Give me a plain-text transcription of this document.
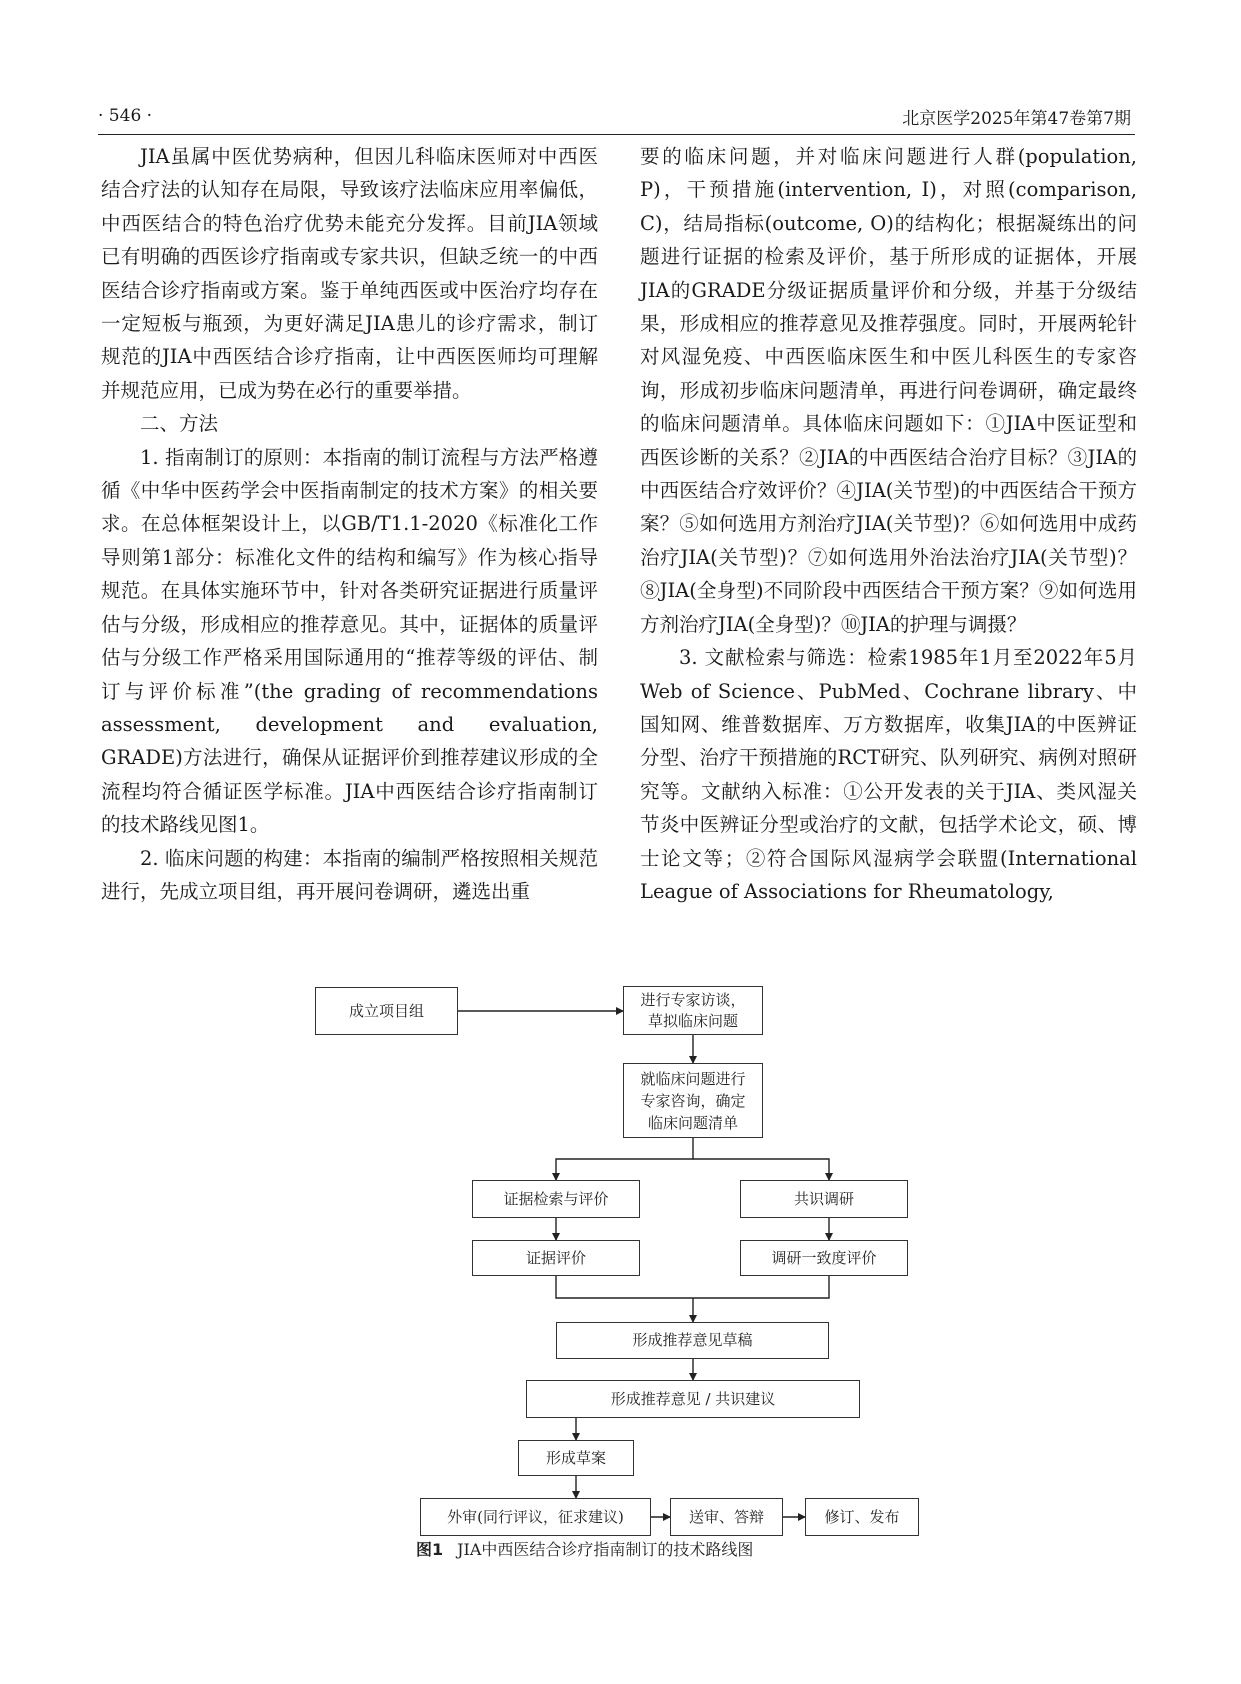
· 546 ·	北京医学2025年第47卷第7期

JIA虽属中医优势病种，但因儿科临床医师对中西医结合疗法的认知存在局限，导致该疗法临床应用率偏低，中西医结合的特色治疗优势未能充分发挥。目前JIA领域已有明确的西医诊疗指南或专家共识，但缺乏统一的中西医结合诊疗指南或方案。鉴于单纯西医或中医治疗均存在一定短板与瓶颈，为更好满足JIA患儿的诊疗需求，制订规范的JIA中西医结合诊疗指南，让中西医医师均可理解并规范应用，已成为势在必行的重要举措。

二、方法

1. 指南制订的原则：本指南的制订流程与方法严格遵循《中华中医药学会中医指南制定的技术方案》的相关要求。在总体框架设计上，以GB/T1.1-2020《标准化工作导则第1部分：标准化文件的结构和编写》作为核心指导规范。在具体实施环节中，针对各类研究证据进行质量评估与分级，形成相应的推荐意见。其中，证据体的质量评估与分级工作严格采用国际通用的“推荐等级的评估、制订与评价标准”(the grading of recommendations assessment, development and evaluation, GRADE)方法进行，确保从证据评价到推荐建议形成的全流程均符合循证医学标准。JIA中西医结合诊疗指南制订的技术路线见图1。

2. 临床问题的构建：本指南的编制严格按照相关规范进行，先成立项目组，再开展问卷调研，遴选出重

要的临床问题，并对临床问题进行人群(population, P)，干预措施(intervention, I)，对照(comparison, C)，结局指标(outcome, O)的结构化；根据凝练出的问题进行证据的检索及评价，基于所形成的证据体，开展JIA的GRADE分级证据质量评价和分级，并基于分级结果，形成相应的推荐意见及推荐强度。同时，开展两轮针对风湿免疫、中西医临床医生和中医儿科医生的专家咨询，形成初步临床问题清单，再进行问卷调研，确定最终的临床问题清单。具体临床问题如下：①JIA中医证型和西医诊断的关系？②JIA的中西医结合治疗目标？③JIA的中西医结合疗效评价？④JIA(关节型)的中西医结合干预方案？⑤如何选用方剂治疗JIA(关节型)？⑥如何选用中成药治疗JIA(关节型)？⑦如何选用外治法治疗JIA(关节型)？⑧JIA(全身型)不同阶段中西医结合干预方案？⑨如何选用方剂治疗JIA(全身型)？⑩JIA的护理与调摄？

3. 文献检索与筛选：检索1985年1月至2022年5月Web of Science、PubMed、Cochrane library、中国知网、维普数据库、万方数据库，收集JIA的中医辨证分型、治疗干预措施的RCT研究、队列研究、病例对照研究等。文献纳入标准：①公开发表的关于JIA、类风湿关节炎中医辨证分型或治疗的文献，包括学术论文，硕、博士论文等；②符合国际风湿病学会联盟(International League of Associations for Rheumatology,

成立项目组
进行专家访谈，
草拟临床问题
就临床问题进行
专家咨询，确定
临床问题清单
证据检索与评价	共识调研
证据评价	调研一致度评价
形成推荐意见草稿
形成推荐意见 / 共识建议
形成草案
外审(同行评议，征求建议)	送审、答辩	修订、发布
图1 JIA中西医结合诊疗指南制订的技术路线图
